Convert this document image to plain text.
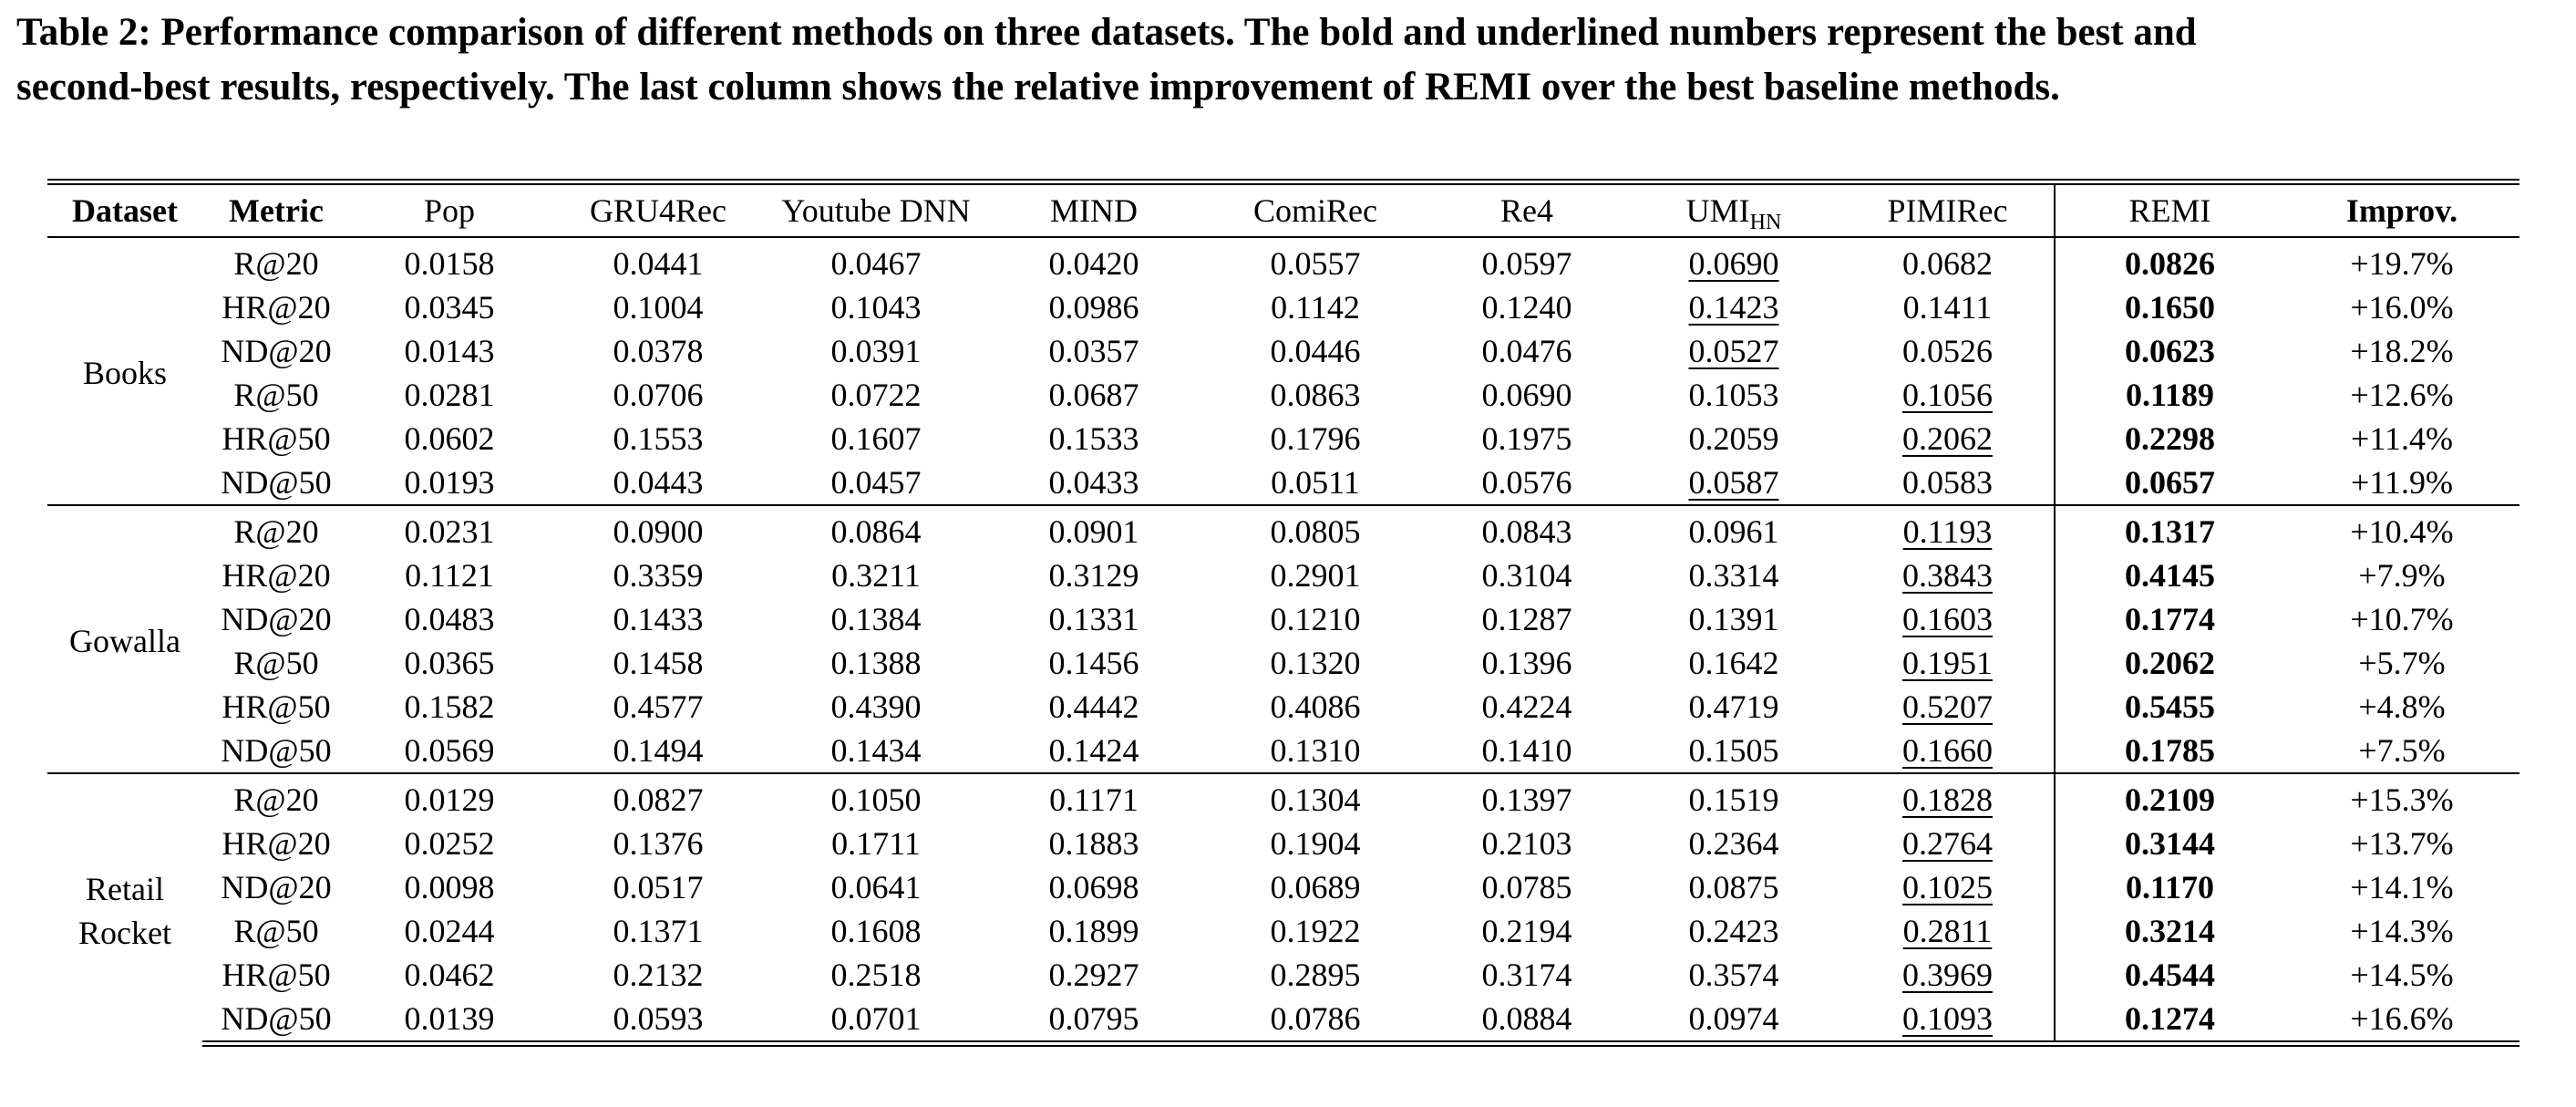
Table 2: Performance comparison of different methods on three datasets. The bold and underlined numbers represent the best and
second-best results, respectively. The last column shows the relative improvement of REMI over the best baseline methods.
Dataset	Metric	Pop	GRU4Rec	Youtube DNN	MIND	ComiRec	Re4	$UMI_{HN}$	PIMIRec	REMI	Improv.

Books	R@20	0.0158	0.0441	0.0467	0.0420	0.0557	0.0597	0.0690	0.0682	0.0826	+19.7%
	HR@20	0.0345	0.1004	0.1043	0.0986	0.1142	0.1240	0.1423	0.1411	0.1650	+16.0%
	ND@20	0.0143	0.0378	0.0391	0.0357	0.0446	0.0476	0.0527	0.0526	0.0623	+18.2%
	R@50	0.0281	0.0706	0.0722	0.0687	0.0863	0.0690	0.1053	0.1056	0.1189	+12.6%
	HR@50	0.0602	0.1553	0.1607	0.1533	0.1796	0.1975	0.2059	0.2062	0.2298	+11.4%
	ND@50	0.0193	0.0443	0.0457	0.0433	0.0511	0.0576	0.0587	0.0583	0.0657	+11.9%

Gowalla	R@20	0.0231	0.0900	0.0864	0.0901	0.0805	0.0843	0.0961	0.1193	0.1317	+10.4%
	HR@20	0.1121	0.3359	0.3211	0.3129	0.2901	0.3104	0.3314	0.3843	0.4145	+7.9%
	ND@20	0.0483	0.1433	0.1384	0.1331	0.1210	0.1287	0.1391	0.1603	0.1774	+10.7%
	R@50	0.0365	0.1458	0.1388	0.1456	0.1320	0.1396	0.1642	0.1951	0.2062	+5.7%
	HR@50	0.1582	0.4577	0.4390	0.4442	0.4086	0.4224	0.4719	0.5207	0.5455	+4.8%
	ND@50	0.0569	0.1494	0.1434	0.1424	0.1310	0.1410	0.1505	0.1660	0.1785	+7.5%

Retail
Rocket	R@20	0.0129	0.0827	0.1050	0.1171	0.1304	0.1397	0.1519	0.1828	0.2109	+15.3%
	HR@20	0.0252	0.1376	0.1711	0.1883	0.1904	0.2103	0.2364	0.2764	0.3144	+13.7%
	ND@20	0.0098	0.0517	0.0641	0.0698	0.0689	0.0785	0.0875	0.1025	0.1170	+14.1%
	R@50	0.0244	0.1371	0.1608	0.1899	0.1922	0.2194	0.2423	0.2811	0.3214	+14.3%
	HR@50	0.0462	0.2132	0.2518	0.2927	0.2895	0.3174	0.3574	0.3969	0.4544	+14.5%
	ND@50	0.0139	0.0593	0.0701	0.0795	0.0786	0.0884	0.0974	0.1093	0.1274	+16.6%
